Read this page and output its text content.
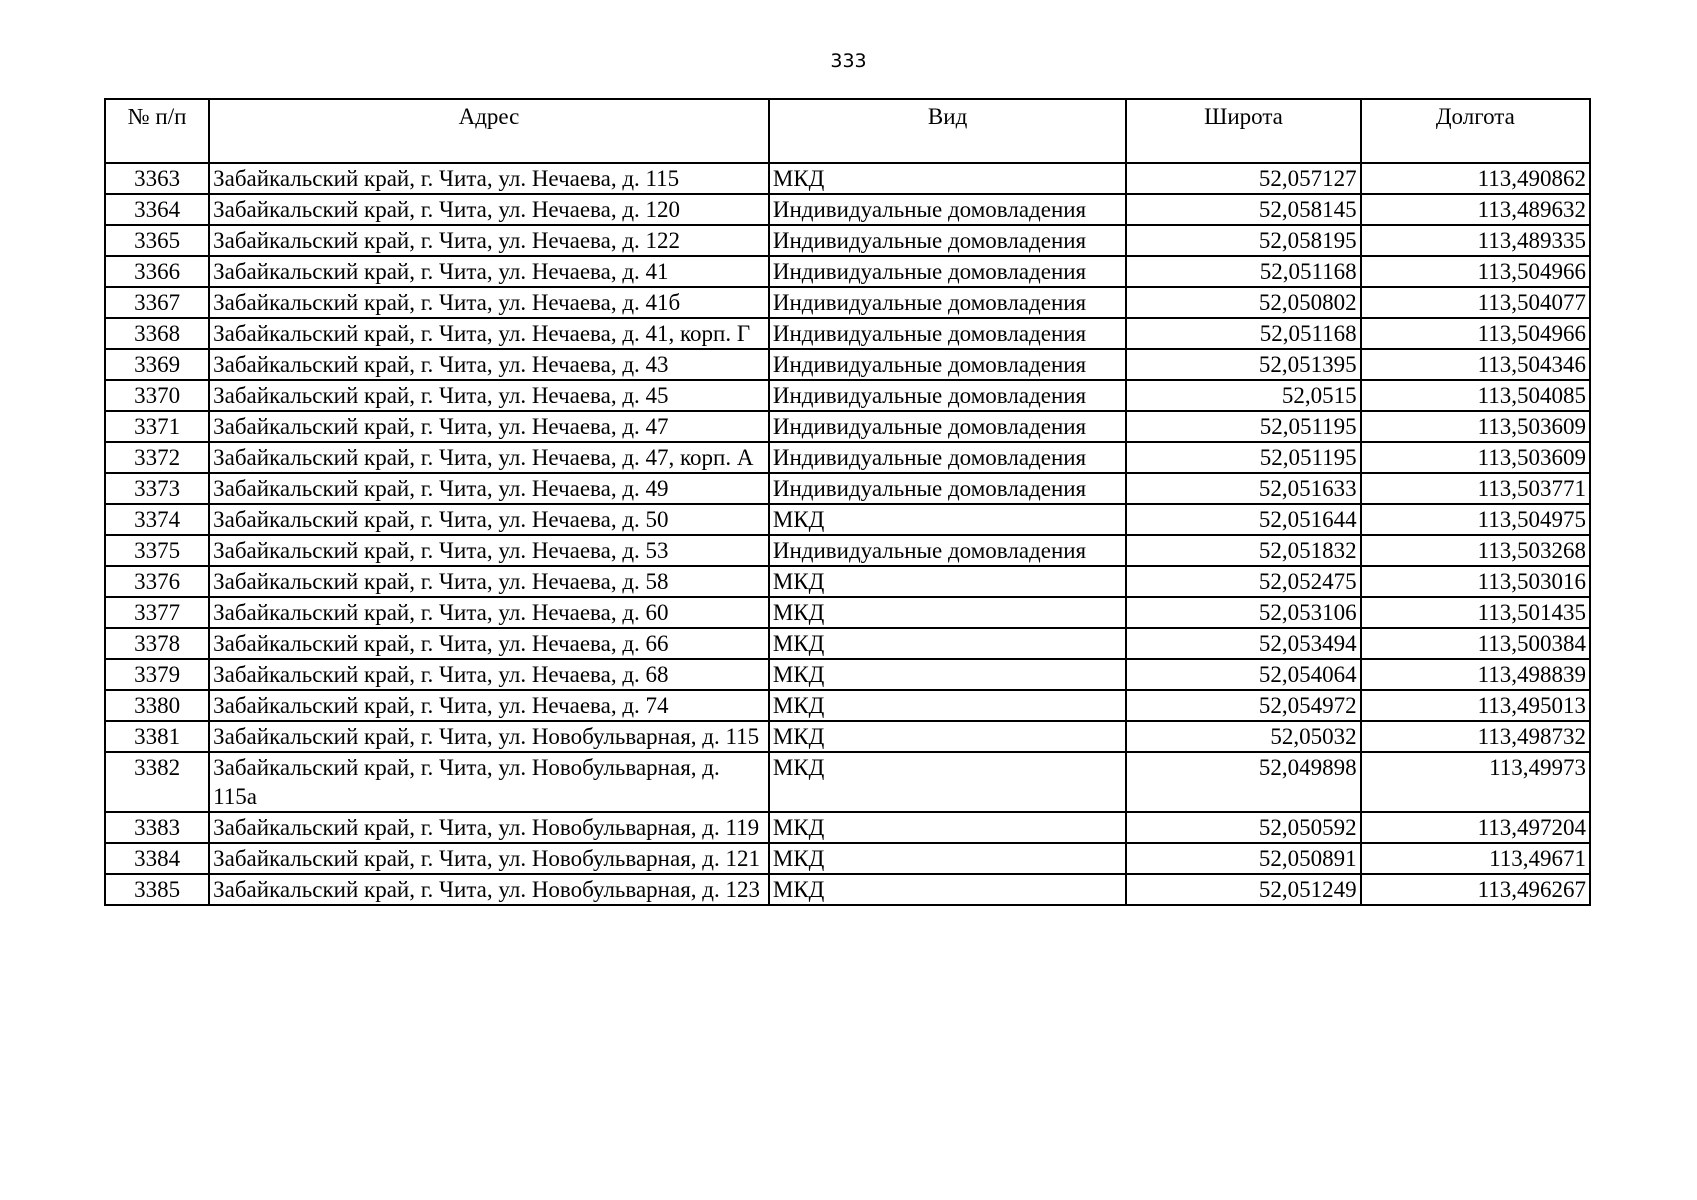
333
№ п/п	Адрес	Вид	Широта	Долгота
3363	Забайкальский край, г. Чита, ул. Нечаева, д. 115	МКД	52,057127	113,490862
3364	Забайкальский край, г. Чита, ул. Нечаева, д. 120	Индивидуальные домовладения	52,058145	113,489632
3365	Забайкальский край, г. Чита, ул. Нечаева, д. 122	Индивидуальные домовладения	52,058195	113,489335
3366	Забайкальский край, г. Чита, ул. Нечаева, д. 41	Индивидуальные домовладения	52,051168	113,504966
3367	Забайкальский край, г. Чита, ул. Нечаева, д. 41б	Индивидуальные домовладения	52,050802	113,504077
3368	Забайкальский край, г. Чита, ул. Нечаева, д. 41, корп. Г	Индивидуальные домовладения	52,051168	113,504966
3369	Забайкальский край, г. Чита, ул. Нечаева, д. 43	Индивидуальные домовладения	52,051395	113,504346
3370	Забайкальский край, г. Чита, ул. Нечаева, д. 45	Индивидуальные домовладения	52,0515	113,504085
3371	Забайкальский край, г. Чита, ул. Нечаева, д. 47	Индивидуальные домовладения	52,051195	113,503609
3372	Забайкальский край, г. Чита, ул. Нечаева, д. 47, корп. А	Индивидуальные домовладения	52,051195	113,503609
3373	Забайкальский край, г. Чита, ул. Нечаева, д. 49	Индивидуальные домовладения	52,051633	113,503771
3374	Забайкальский край, г. Чита, ул. Нечаева, д. 50	МКД	52,051644	113,504975
3375	Забайкальский край, г. Чита, ул. Нечаева, д. 53	Индивидуальные домовладения	52,051832	113,503268
3376	Забайкальский край, г. Чита, ул. Нечаева, д. 58	МКД	52,052475	113,503016
3377	Забайкальский край, г. Чита, ул. Нечаева, д. 60	МКД	52,053106	113,501435
3378	Забайкальский край, г. Чита, ул. Нечаева, д. 66	МКД	52,053494	113,500384
3379	Забайкальский край, г. Чита, ул. Нечаева, д. 68	МКД	52,054064	113,498839
3380	Забайкальский край, г. Чита, ул. Нечаева, д. 74	МКД	52,054972	113,495013
3381	Забайкальский край, г. Чита, ул. Новобульварная, д. 115	МКД	52,05032	113,498732
3382	Забайкальский край, г. Чита, ул. Новобульварная, д. 115а	МКД	52,049898	113,49973
3383	Забайкальский край, г. Чита, ул. Новобульварная, д. 119	МКД	52,050592	113,497204
3384	Забайкальский край, г. Чита, ул. Новобульварная, д. 121	МКД	52,050891	113,49671
3385	Забайкальский край, г. Чита, ул. Новобульварная, д. 123	МКД	52,051249	113,496267
